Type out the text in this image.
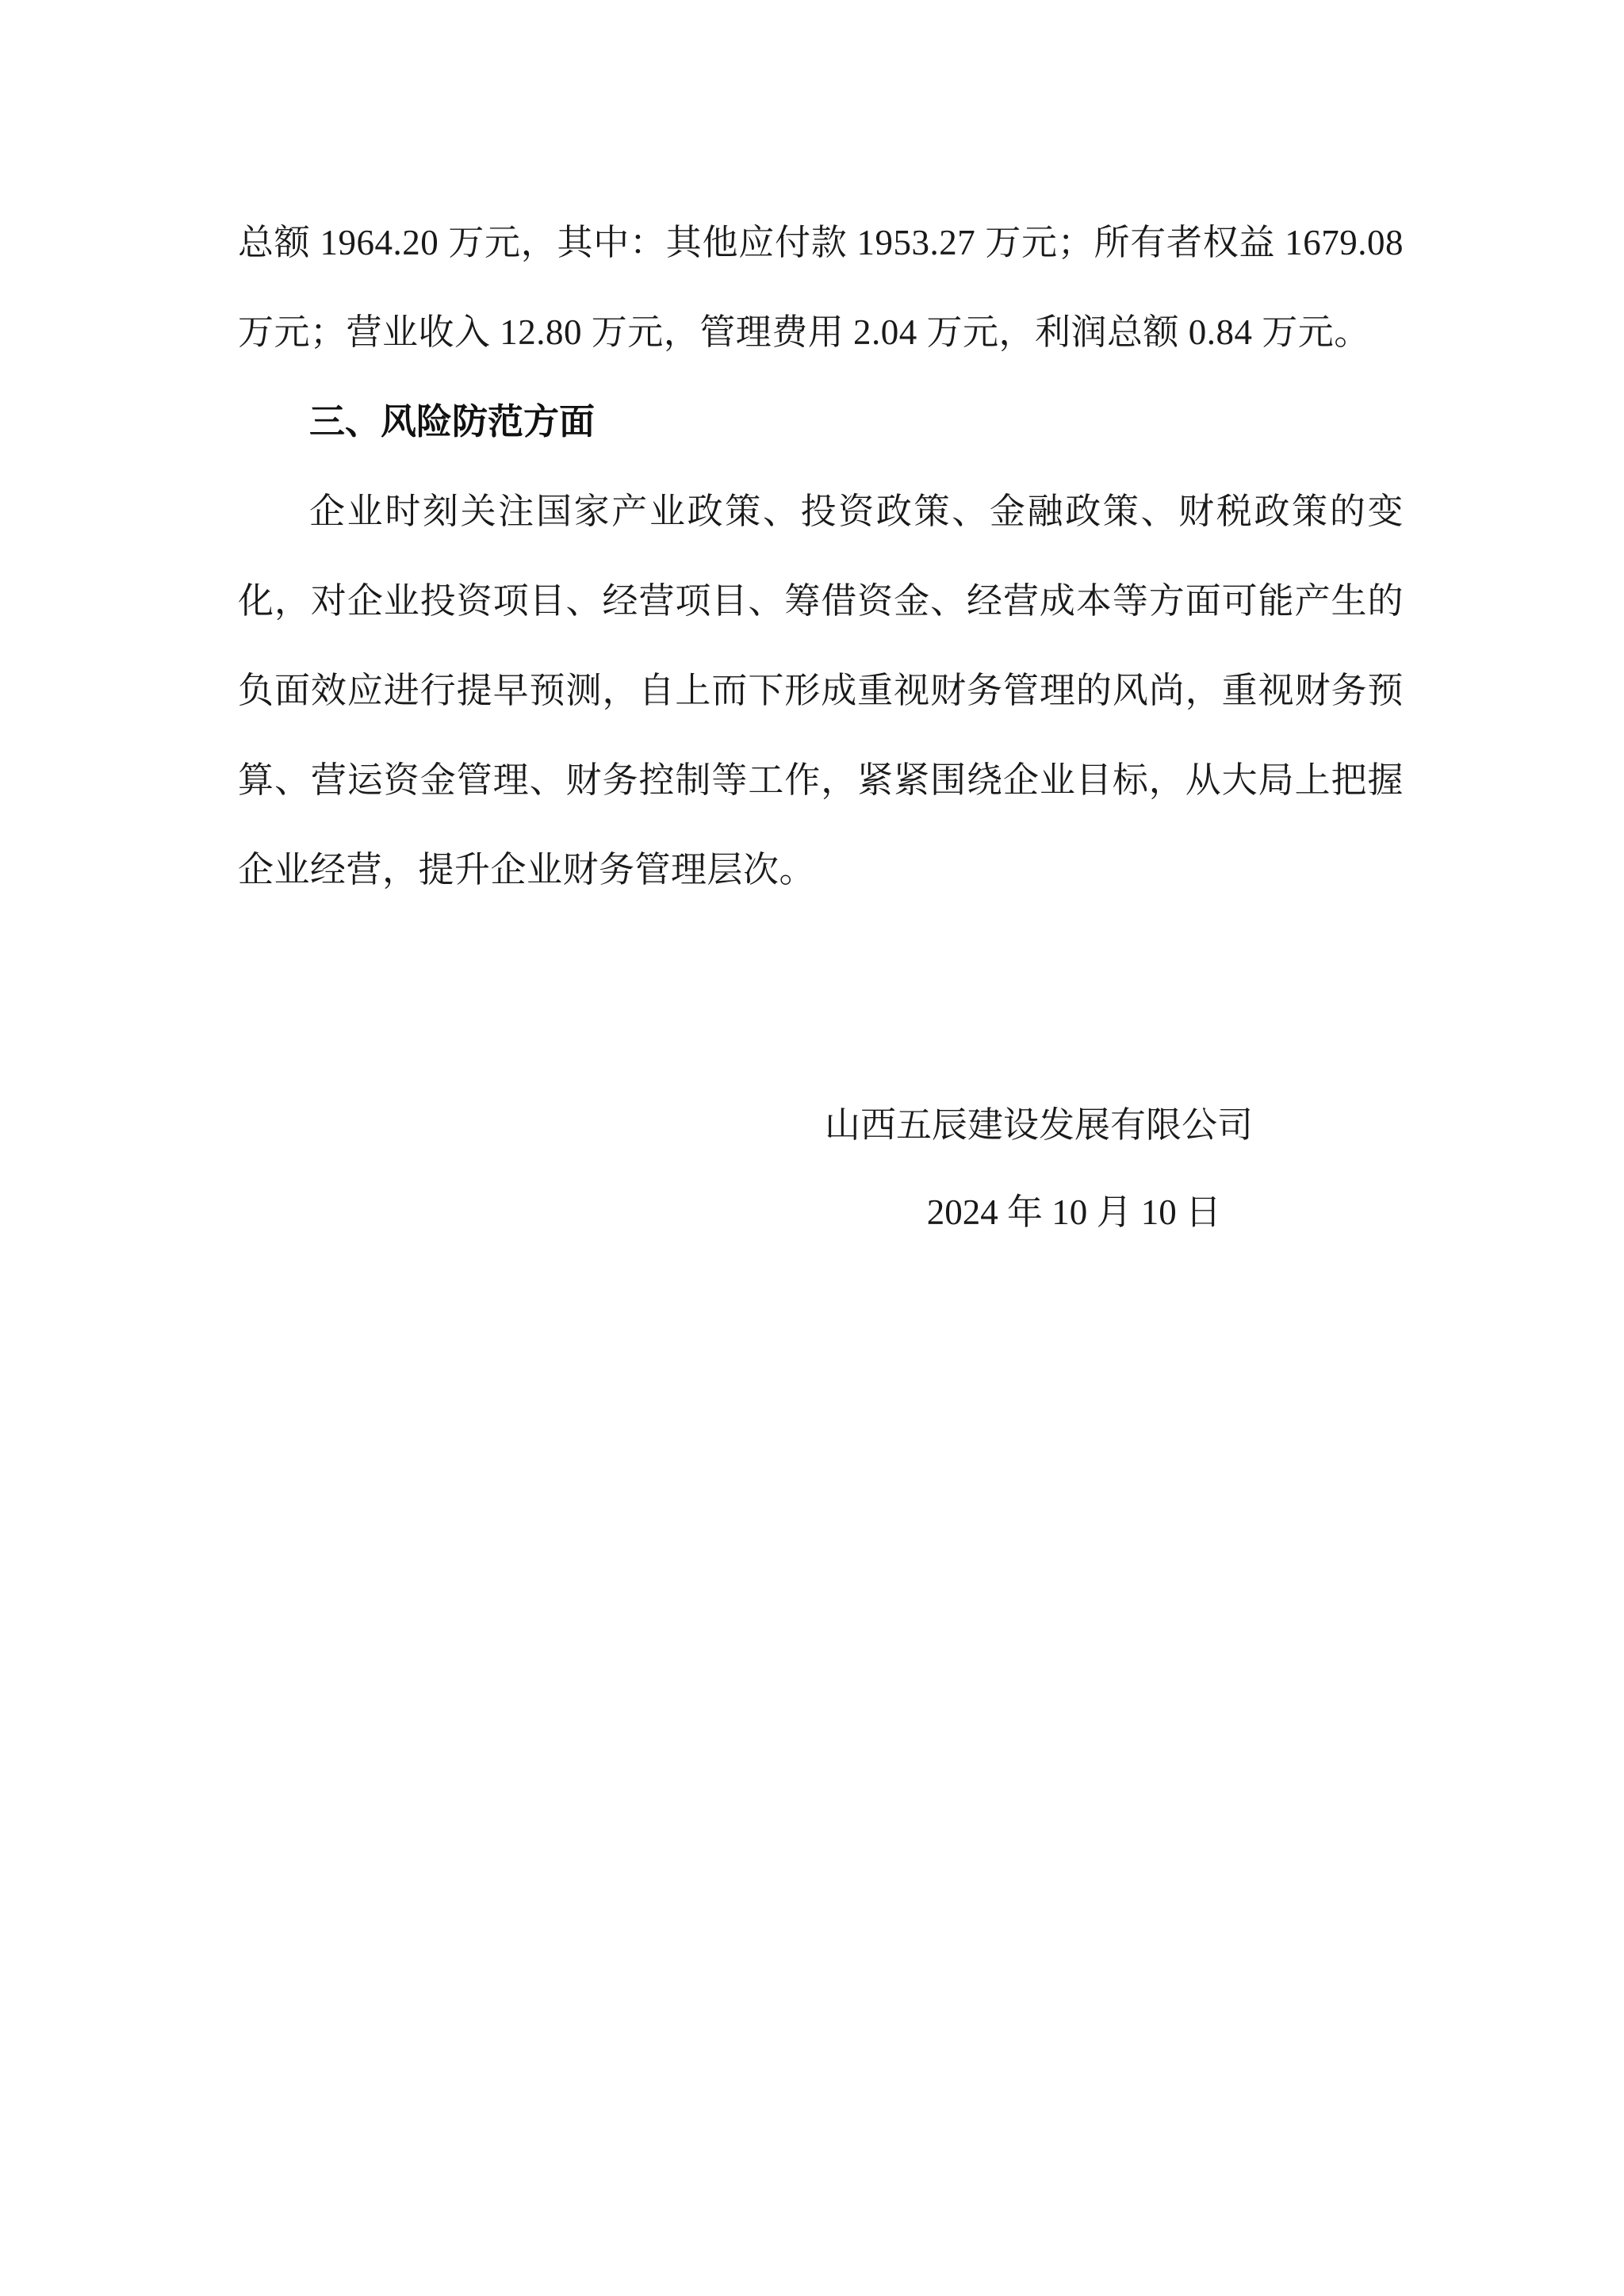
总额 1964.20 万元，其中：其他应付款 1953.27 万元；所有者权益 1679.08 万元；营业收入 12.80 万元，管理费用 2.04 万元，利润总额 0.84 万元。

三、风险防范方面

企业时刻关注国家产业政策、投资政策、金融政策、财税政策的变化，对企业投资项目、经营项目、筹借资金、经营成本等方面可能产生的负面效应进行提早预测，自上而下形成重视财务管理的风尚，重视财务预算、营运资金管理、财务控制等工作，紧紧围绕企业目标，从大局上把握企业经营，提升企业财务管理层次。

山西五辰建设发展有限公司
2024 年 10 月 10 日
